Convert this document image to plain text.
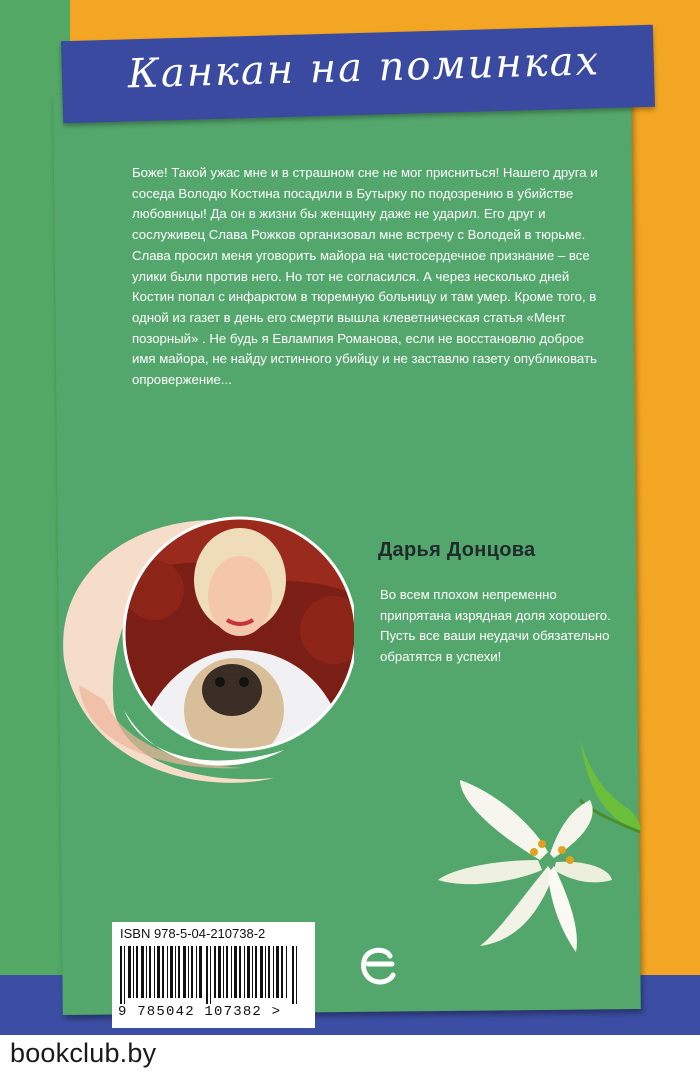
Канкан на поминках

Боже! Такой ужас мне и в страшном сне не мог присниться! Нашего друга и соседа Володю Костина посадили в Бутырку по подозрению в убийстве любовницы! Да он в жизни бы женщину даже не ударил. Его друг и сослуживец Слава Рожков организовал мне встречу с Володей в тюрьме. Слава просил меня уговорить майора на чистосердечное признание – все улики были против него. Но тот не согласился. А через несколько дней Костин попал с инфарктом в тюремную больницу и там умер. Кроме того, в одной из газет в день его смерти вышла клеветническая статья «Мент позорный» . Не будь я Евлампия Романова, если не восстановлю доброе имя майора, не найду истинного убийцу и не заставлю газету опубликовать опровержение...

Дарья Донцова
Во всем плохом непременно припрятана изрядная доля хорошего. Пусть все ваши неудачи обязательно обратятся в успехи!
ISBN 978-5-04-210738-2
9 785042 107382 >
bookclub.by
